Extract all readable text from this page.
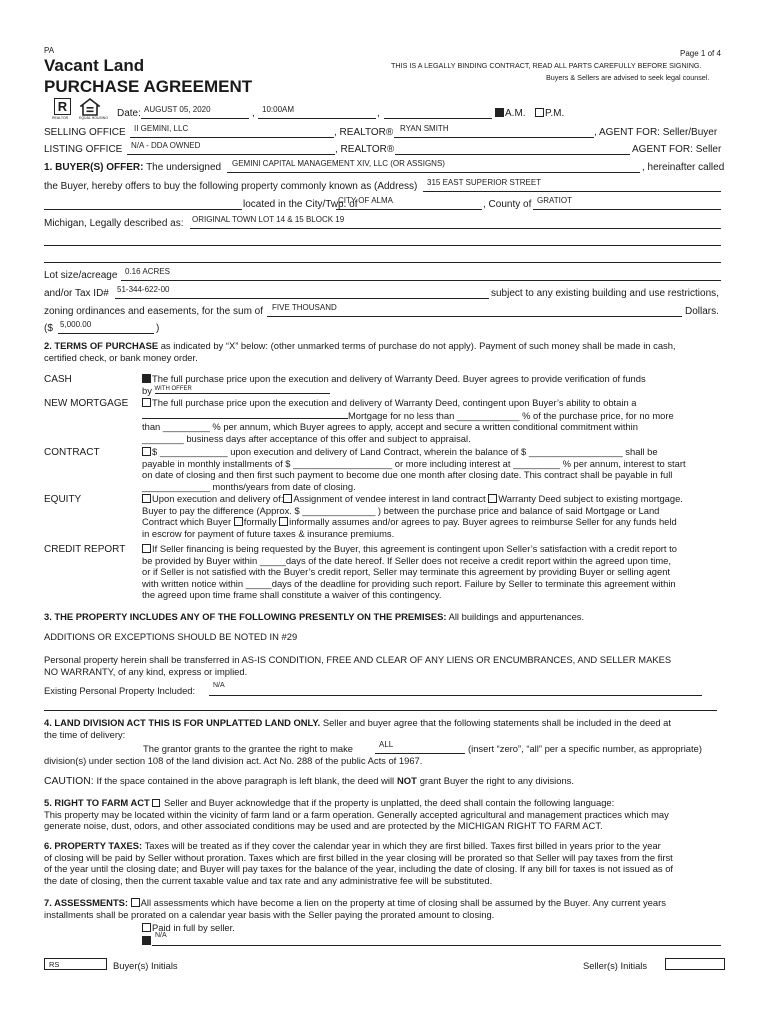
PA	Page 1 of 4
Vacant Land
PURCHASE AGREEMENT
THIS IS A LEGALLY BINDING CONTRACT, READ ALL PARTS CAREFULLY BEFORE SIGNING.
Buyers & Sellers are advised to seek legal counsel.
R
REALTOR	EQUAL HOUSING Date: AUGUST 05, 2020	, 10:00AM	,	A.M.	P.M.
SELLING OFFICE II GEMINI, LLC	, REALTOR® RYAN SMITH	, AGENT FOR: Seller/Buyer
LISTING OFFICE N/A - DDA OWNED	, REALTOR®	AGENT FOR: Seller
1. BUYER(S) OFFER: The undersigned GEMINI CAPITAL MANAGEMENT XIV, LLC (OR ASSIGNS)	, hereinafter called
the Buyer, hereby offers to buy the following property commonly known as (Address) 315 EAST SUPERIOR STREET
located in the City/Twp. of
CITY OF ALMA	, County of GRATIOT
Michigan, Legally described as: ORIGINAL TOWN LOT 14 & 15 BLOCK 19
Lot size/acreage 0.16 ACRES
and/or Tax ID# 51-344-622-00	subject to any existing building and use restrictions,
zoning ordinances and easements, for the sum of FIVE THOUSAND	Dollars.
($ 5,000.00	)
2. TERMS OF PURCHASE as indicated by “X” below: (other unmarked terms of purchase do not apply). Payment of such money shall be made in cash,
certified check, or bank money order.
CASH	The full purchase price upon the execution and delivery of Warranty Deed. Buyer agrees to provide verification of funds
by WITH OFFER
NEW MORTGAGE	The full purchase price upon the execution and delivery of Warranty Deed, contingent upon Buyer’s ability to obtain a
Mortgage for no less than ____________ % of the purchase price, for no more
than _________ % per annum, which Buyer agrees to apply, accept and secure a written conditional commitment within
________ business days after acceptance of this offer and subject to appraisal.
CONTRACT	$ _____________ upon execution and delivery of Land Contract, wherein the balance of $ __________________ shall be
payable in monthly installments of $ ___________________ or more including interest at _________ % per annum, interest to start
on date of closing and then first such payment to become due one month after closing date. This contract shall be payable in full
_____________ months/years from date of closing.
EQUITY	Upon execution and delivery of: Assignment of vendee interest in land contract Warranty Deed subject to existing mortgage.
Buyer to pay the difference (Approx. $ ______________ ) between the purchase price and balance of said Mortgage or Land
Contract which Buyer formally informally assumes and/or agrees to pay. Buyer agrees to reimburse Seller for any funds held
in escrow for payment of future taxes & insurance premiums.
CREDIT REPORT	If Seller financing is being requested by the Buyer, this agreement is contingent upon Seller’s satisfaction with a credit report to
be provided by Buyer within _____days of the date hereof. If Seller does not receive a credit report within the agreed upon time,
or if Seller is not satisfied with the Buyer’s credit report, Seller may terminate this agreement by providing Buyer or selling agent
with written notice within _____days of the deadline for providing such report. Failure by Seller to terminate this agreement within
the agreed upon time frame shall constitute a waiver of this contingency.
3. THE PROPERTY INCLUDES ANY OF THE FOLLOWING PRESENTLY ON THE PREMISES: All buildings and appurtenances.
ADDITIONS OR EXCEPTIONS SHOULD BE NOTED IN #29
Personal property herein shall be transferred in AS-IS CONDITION, FREE AND CLEAR OF ANY LIENS OR ENCUMBRANCES, AND SELLER MAKES
NO WARRANTY, of any kind, express or implied.
Existing Personal Property Included:	N/A
4. LAND DIVISION ACT THIS IS FOR UNPLATTED LAND ONLY. Seller and buyer agree that the following statements shall be included in the deed at
the time of delivery:
The grantor grants to the grantee the right to make	ALL	(insert “zero”, “all” per a specific number, as appropriate)
division(s) under section 108 of the land division act. Act No. 288 of the public Acts of 1967.
CAUTION: If the space contained in the above paragraph is left blank, the deed will NOT grant Buyer the right to any divisions.
5. RIGHT TO FARM ACT Seller and Buyer acknowledge that if the property is unplatted, the deed shall contain the following language:
This property may be located within the vicinity of farm land or a farm operation. Generally accepted agricultural and management practices which may
generate noise, dust, odors, and other associated conditions may be used and are protected by the MICHIGAN RIGHT TO FARM ACT.
6. PROPERTY TAXES: Taxes will be treated as if they cover the calendar year in which they are first billed. Taxes first billed in years prior to the year
of closing will be paid by Seller without proration. Taxes which are first billed in the year closing will be prorated so that Seller will pay taxes from the first
of the year until the closing date; and Buyer will pay taxes for the balance of the year, including the date of closing. If any bill for taxes is not issued as of
the date of closing, then the current taxable value and tax rate and any administrative fee will be substituted.
7. ASSESSMENTS: All assessments which have become a lien on the property at time of closing shall be assumed by the Buyer. Any current years
installments shall be prorated on a calendar year basis with the Seller paying the prorated amount to closing.
Paid in full by seller.
N/A
RS	Buyer(s) Initials	Seller(s) Initials
